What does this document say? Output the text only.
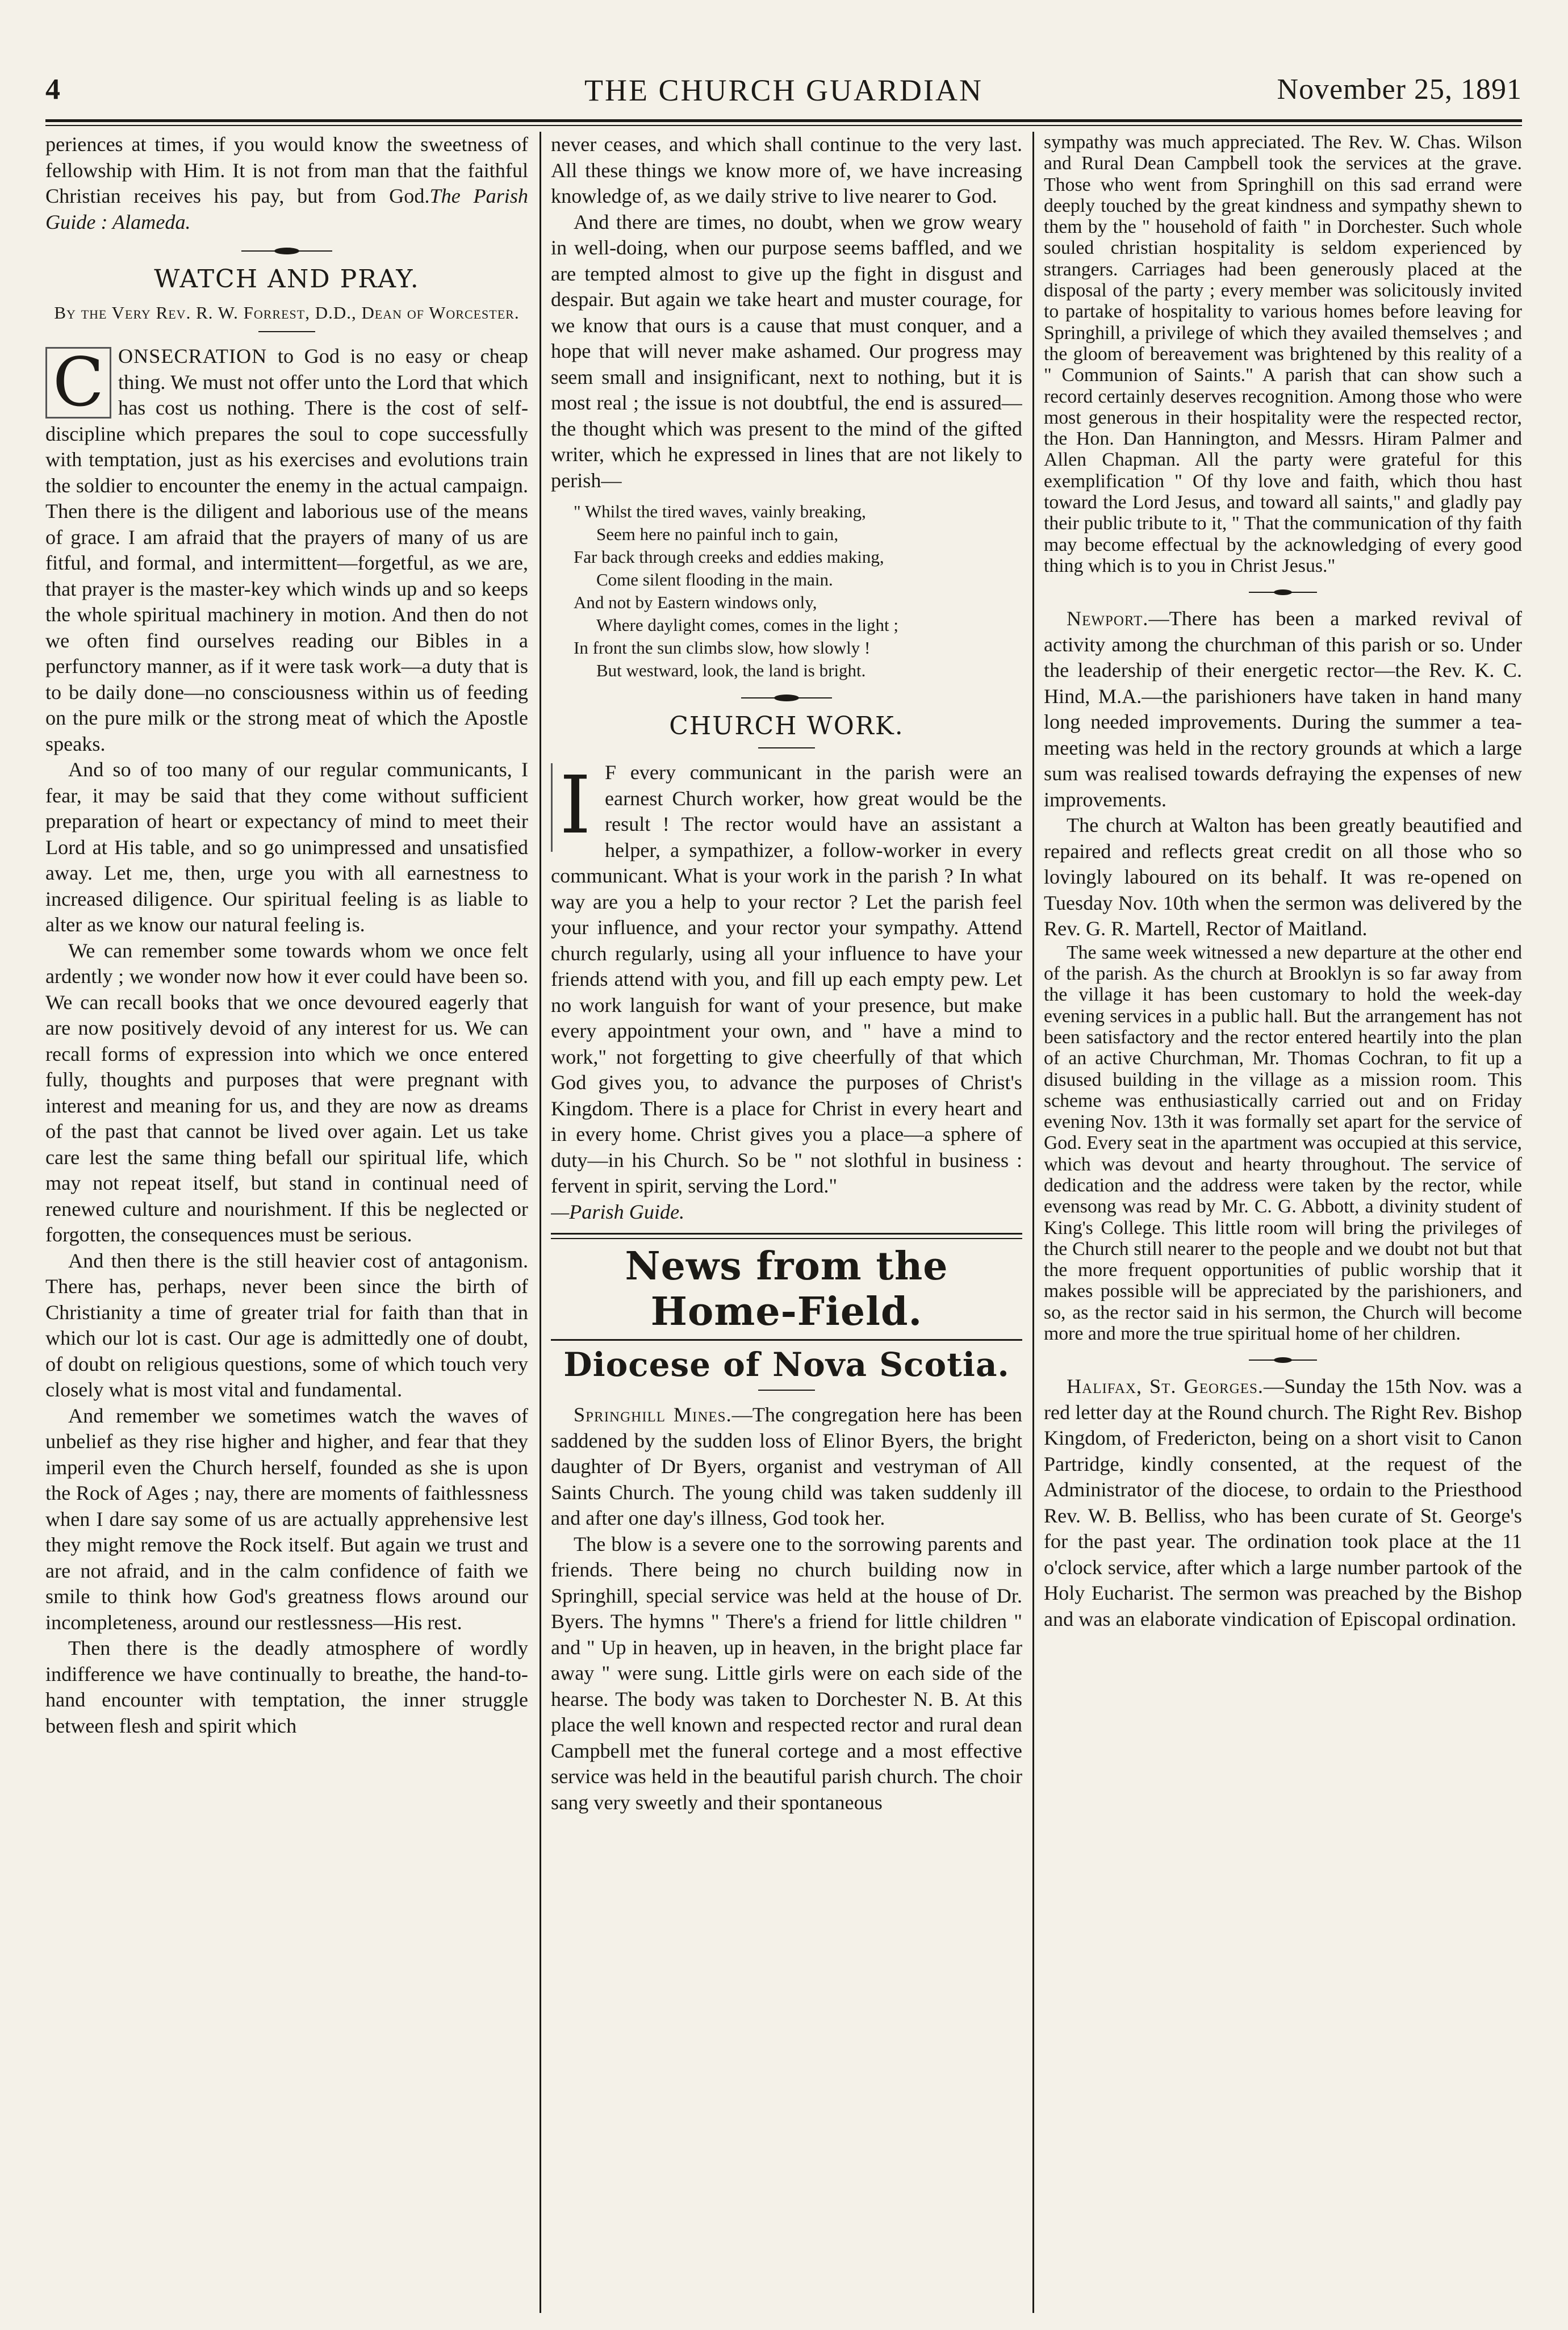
4	THE CHURCH GUARDIAN	November 25, 1891

periences at times, if you would know the sweetness of fellowship with Him. It is not from man that the faithful Christian receives his pay, but from God.The Parish Guide : Alameda.

WATCH AND PRAY.
By the Very Rev. R. W. Forrest, D.D., Dean of Worcester.

C ONSECRATION to God is no easy or cheap thing. We must not offer unto the Lord that which has cost us nothing. There is the cost of self-discipline which prepares the soul to cope successfully with temptation, just as his exercises and evolutions train the soldier to encounter the enemy in the actual campaign. Then there is the diligent and laborious use of the means of grace. I am afraid that the prayers of many of us are fitful, and formal, and intermittent—forgetful, as we are, that prayer is the master-key which winds up and so keeps the whole spiritual machinery in motion. And then do not we often find ourselves reading our Bibles in a perfunctory manner, as if it were task work—a duty that is to be daily done—no consciousness within us of feeding on the pure milk or the strong meat of which the Apostle speaks.

And so of too many of our regular communicants, I fear, it may be said that they come without sufficient preparation of heart or expectancy of mind to meet their Lord at His table, and so go unimpressed and unsatisfied away. Let me, then, urge you with all earnestness to increased diligence. Our spiritual feeling is as liable to alter as we know our natural feeling is.

We can remember some towards whom we once felt ardently ; we wonder now how it ever could have been so. We can recall books that we once devoured eagerly that are now positively devoid of any interest for us. We can recall forms of expression into which we once entered fully, thoughts and purposes that were pregnant with interest and meaning for us, and they are now as dreams of the past that cannot be lived over again. Let us take care lest the same thing befall our spiritual life, which may not repeat itself, but stand in continual need of renewed culture and nourishment. If this be neglected or forgotten, the consequences must be serious.

And then there is the still heavier cost of antagonism. There has, perhaps, never been since the birth of Christianity a time of greater trial for faith than that in which our lot is cast. Our age is admittedly one of doubt, of doubt on religious questions, some of which touch very closely what is most vital and fundamental.

And remember we sometimes watch the waves of unbelief as they rise higher and higher, and fear that they imperil even the Church herself, founded as she is upon the Rock of Ages ; nay, there are moments of faithlessness when I dare say some of us are actually apprehensive lest they might remove the Rock itself. But again we trust and are not afraid, and in the calm confidence of faith we smile to think how God's greatness flows around our incompleteness, around our restlessness—His rest.

Then there is the deadly atmosphere of wordly indifference we have continually to breathe, the hand-to-hand encounter with temptation, the inner struggle between flesh and spirit which

never ceases, and which shall continue to the very last. All these things we know more of, we have increasing knowledge of, as we daily strive to live nearer to God.

And there are times, no doubt, when we grow weary in well-doing, when our purpose seems baffled, and we are tempted almost to give up the fight in disgust and despair. But again we take heart and muster courage, for we know that ours is a cause that must conquer, and a hope that will never make ashamed. Our progress may seem small and insignificant, next to nothing, but it is most real ; the issue is not doubtful, the end is assured—the thought which was present to the mind of the gifted writer, which he expressed in lines that are not likely to perish—

" Whilst the tired waves, vainly breaking,
Seem here no painful inch to gain,
Far back through creeks and eddies making,
Come silent flooding in the main.
And not by Eastern windows only,
Where daylight comes, comes in the light ;
In front the sun climbs slow, how slowly !
But westward, look, the land is bright.
CHURCH WORK.

I F every communicant in the parish were an earnest Church worker, how great would be the result ! The rector would have an assistant a helper, a sympathizer, a follow-worker in every communicant. What is your work in the parish ? In what way are you a help to your rector ? Let the parish feel your influence, and your rector your sympathy. Attend church regularly, using all your influence to have your friends attend with you, and fill up each empty pew. Let no work languish for want of your presence, but make every appointment your own, and " have a mind to work," not forgetting to give cheerfully of that which God gives you, to advance the purposes of Christ's Kingdom. There is a place for Christ in every heart and in every home. Christ gives you a place—a sphere of duty—in his Church. So be " not slothful in business : fervent in spirit, serving the Lord."

—Parish Guide.

News from the Home-Field.
Diocese of Nova Scotia.

Springhill Mines.—The congregation here has been saddened by the sudden loss of Elinor Byers, the bright daughter of Dr Byers, organist and vestryman of All Saints Church. The young child was taken suddenly ill and after one day's illness, God took her.

The blow is a severe one to the sorrowing parents and friends. There being no church building now in Springhill, special service was held at the house of Dr. Byers. The hymns " There's a friend for little children " and " Up in heaven, up in heaven, in the bright place far away " were sung. Little girls were on each side of the hearse. The body was taken to Dorchester N. B. At this place the well known and respected rector and rural dean Campbell met the funeral cortege and a most effective service was held in the beautiful parish church. The choir sang very sweetly and their spontaneous

sympathy was much appreciated. The Rev. W. Chas. Wilson and Rural Dean Campbell took the services at the grave. Those who went from Springhill on this sad errand were deeply touched by the great kindness and sympathy shewn to them by the " household of faith " in Dorchester. Such whole souled christian hospitality is seldom experienced by strangers. Carriages had been generously placed at the disposal of the party ; every member was solicitously invited to partake of hospitality to various homes before leaving for Springhill, a privilege of which they availed themselves ; and the gloom of bereavement was brightened by this reality of a " Communion of Saints." A parish that can show such a record certainly deserves recognition. Among those who were most generous in their hospitality were the respected rector, the Hon. Dan Hannington, and Messrs. Hiram Palmer and Allen Chapman. All the party were grateful for this exemplification " Of thy love and faith, which thou hast toward the Lord Jesus, and toward all saints," and gladly pay their public tribute to it, " That the communication of thy faith may become effectual by the acknowledging of every good thing which is to you in Christ Jesus."

Newport.—There has been a marked revival of activity among the churchman of this parish or so. Under the leadership of their energetic rector—the Rev. K. C. Hind, M.A.—the parishioners have taken in hand many long needed improvements. During the summer a tea-meeting was held in the rectory grounds at which a large sum was realised towards defraying the expenses of new improvements.

The church at Walton has been greatly beautified and repaired and reflects great credit on all those who so lovingly laboured on its behalf. It was re-opened on Tuesday Nov. 10th when the sermon was delivered by the Rev. G. R. Martell, Rector of Maitland.

The same week witnessed a new departure at the other end of the parish. As the church at Brooklyn is so far away from the village it has been customary to hold the week-day evening services in a public hall. But the arrangement has not been satisfactory and the rector entered heartily into the plan of an active Churchman, Mr. Thomas Cochran, to fit up a disused building in the village as a mission room. This scheme was enthusiastically carried out and on Friday evening Nov. 13th it was formally set apart for the service of God. Every seat in the apartment was occupied at this service, which was devout and hearty throughout. The service of dedication and the address were taken by the rector, while evensong was read by Mr. C. G. Abbott, a divinity student of King's College. This little room will bring the privileges of the Church still nearer to the people and we doubt not but that the more frequent opportunities of public worship that it makes possible will be appreciated by the parishioners, and so, as the rector said in his sermon, the Church will become more and more the true spiritual home of her children.

Halifax, St. Georges.—Sunday the 15th Nov. was a red letter day at the Round church. The Right Rev. Bishop Kingdom, of Fredericton, being on a short visit to Canon Partridge, kindly consented, at the request of the Administrator of the diocese, to ordain to the Priesthood Rev. W. B. Belliss, who has been curate of St. George's for the past year. The ordination took place at the 11 o'clock service, after which a large number partook of the Holy Eucharist. The sermon was preached by the Bishop and was an elaborate vindication of Episcopal ordination.
